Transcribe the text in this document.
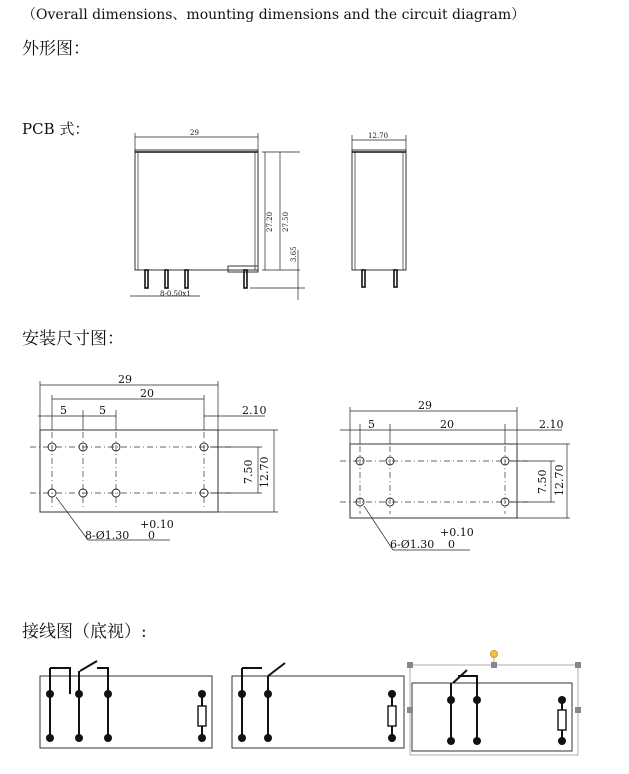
（Overall dimensions、mounting dimensions and the circuit diagram）
外形图：
PCB 式：
安装尺寸图：
接线图（底视）:
29
8-0.50x1
27.20 27.50
3.65
12.70
29
20
5	5	2.10
7.50 12.70
+0.10
8-Ø1.30 0
29
5	20	2.10
7.50 12.70
+0.10
6-Ø1.30 0
